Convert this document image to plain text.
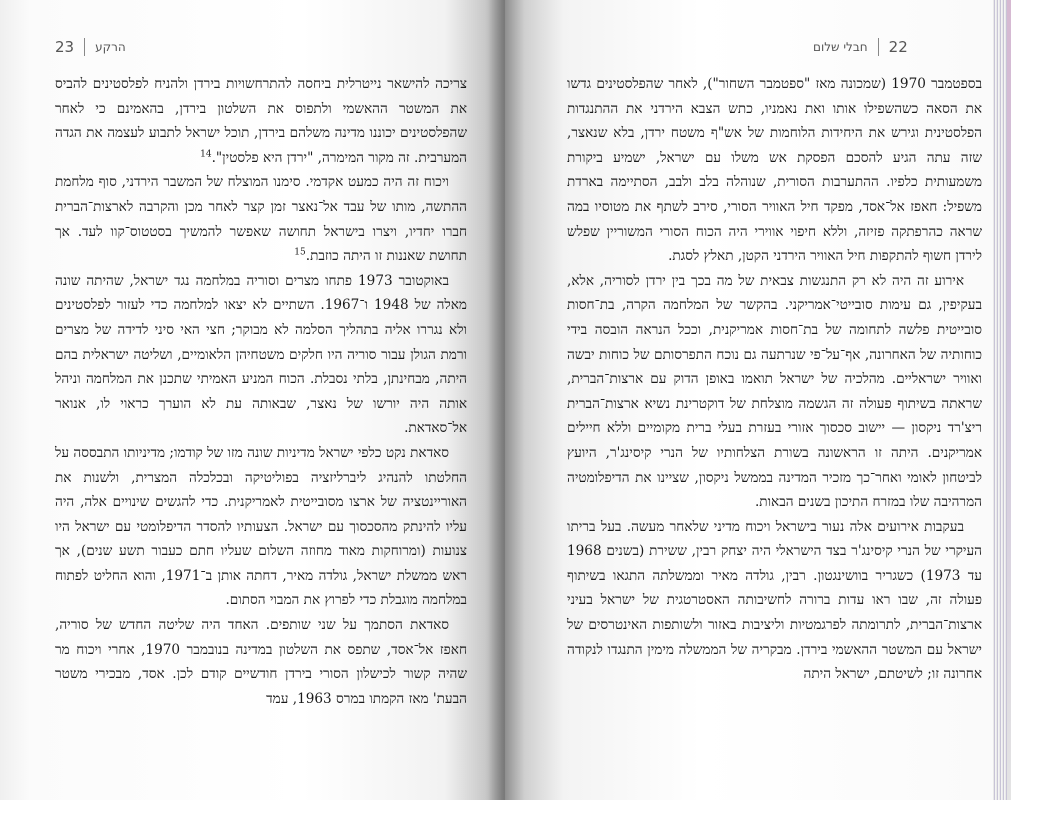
23 הרקע

צריכה להישאר נייטרלית ביחסה להתרחשויות בירדן ולהניח לפלסטינים להביס את המשטר ההאשמי ולתפוס את השלטון בירדן, בהאמינם כי לאחר שהפלסטינים יכוננו מדינה משלהם בירדן, תוכל ישראל לתבוע לעצמה את הגדה המערבית. זה מקור המימרה, "ירדן היא פלסטין".$^{14}$

ויכוח זה היה כמעט אקדמי. סימנו המוצלח של המשבר הירדני, סוף מלחמת ההתשה, מותו של עבד אל־נאצר זמן קצר לאחר מכן והקרבה לארצות־הברית חברו יחדיו, ויצרו בישראל תחושה שאפשר להמשיך בסטטוס־קוו לעד. אך תחושת שאננות זו היתה כוזבת.$^{15}$

באוקטובר 1973 פתחו מצרים וסוריה במלחמה נגד ישראל, שהיתה שונה מאלה של 1948 ו־1967. השתיים לא יצאו למלחמה כדי לעזור לפלסטינים ולא נגררו אליה בתהליך הסלמה לא מבוקר; חצי האי סיני לדידה של מצרים ורמת הגולן עבור סוריה היו חלקים משטחיהן הלאומיים, ושליטה ישראלית בהם היתה, מבחינתן, בלתי נסבלת. הכוח המניע האמיתי שתכנן את המלחמה וניהל אותה היה יורשו של נאצר, שבאותה עת לא הוערך כראוי לו, אנואר אל־סאדאת.

סאדאת נקט כלפי ישראל מדיניות שונה מזו של קודמו; מדיניותו התבססה על החלטתו להנהיג ליברליזציה בפוליטיקה ובכלכלה המצרית, ולשנות את האוריינטציה של ארצו מסובייטית לאמריקנית. כדי להגשים שינויים אלה, היה עליו להינתק מהסכסוך עם ישראל. הצעותיו להסדר הדיפלומטי עם ישראל היו צנועות (ומרוחקות מאוד מחוזה השלום שעליו חתם כעבור תשע שנים), אך ראש ממשלת ישראל, גולדה מאיר, דחתה אותן ב־1971, והוא החליט לפתוח במלחמה מוגבלת כדי לפרוץ את המבוי הסתום.

סאדאת הסתמך על שני שותפים. האחד היה שליטה החדש של סוריה, חאפז אל־אסד, שתפס את השלטון במדינה בנובמבר 1970, אחרי ויכוח מר שהיה קשור לכישלון הסורי בירדן חודשיים קודם לכן. אסד, מבכירי משטר הבעת' מאז הקמתו במרס 1963, עמד

חבלי שלום 22

בספטמבר 1970 (שמכונה מאז "ספטמבר השחור"), לאחר שהפלסטינים גדשו את הסאה כשהשפילו אותו ואת נאמניו, כתש הצבא הירדני את ההתנגדות הפלסטינית וגירש את היחידות הלוחמות של אש"ף משטח ירדן, בלא שנאצר, שזה עתה הגיע להסכם הפסקת אש משלו עם ישראל, ישמיע ביקורת משמעותית כלפיו. ההתערבות הסורית, שנוהלה בלב ולבב, הסתיימה בארדת משפיל: חאפז אל־אסד, מפקד חיל האוויר הסורי, סירב לשתף את מטוסיו במה שראה כהרפתקה פזיזה, וללא חיפוי אווירי היה הכוח הסורי המשוריין שפלש לירדן חשוף להתקפות חיל האוויר הירדני הקטן, תאלץ לסגת.

אירוע זה היה לא רק התנגשות צבאית של מה בכך בין ירדן לסוריה, אלא, בעקיפין, גם עימות סובייטי־אמריקני. בהקשר של המלחמה הקרה, בת־חסות סובייטית פלשה לתחומה של בת־חסות אמריקנית, וככל הנראה הובסה בידי כוחותיה של האחרונה, אף־על־פי שנרתעה גם נוכח התפרסותם של כוחות יבשה ואוויר ישראליים. מהלכיה של ישראל תואמו באופן הדוק עם ארצות־הברית, שראתה בשיתוף פעולה זה הגשמה מוצלחת של דוקטרינת נשיא ארצות־הברית ריצ'רד ניקסון — יישוב סכסוך אזורי בעזרת בעלי ברית מקומיים וללא חיילים אמריקנים. היתה זו הראשונה בשורת הצלחותיו של הנרי קיסינג'ר, היועץ לביטחון לאומי ואחר־כך מזכיר המדינה בממשל ניקסון, שציינו את הדיפלומטיה המרהיבה שלו במזרח התיכון בשנים הבאות.

בעקבות אירועים אלה נעור בישראל ויכוח מדיני שלאחר מעשה. בעל בריתו העיקרי של הנרי קיסינג'ר בצד הישראלי היה יצחק רבין, ששירת (בשנים 1968 עד 1973) כשגריר בוושינגטון. רבין, גולדה מאיר וממשלתה התגאו בשיתוף פעולה זה, שבו ראו עדות ברורה לחשיבותה האסטרטגית של ישראל בעיני ארצות־הברית, לתרומתה לפרגמטיות וליציבות באזור ולשותפות האינטרסים של ישראל עם המשטר ההאשמי בירדן. מבקריה של הממשלה מימין התנגדו לנקודה אחרונה זו; לשיטתם, ישראל היתה
